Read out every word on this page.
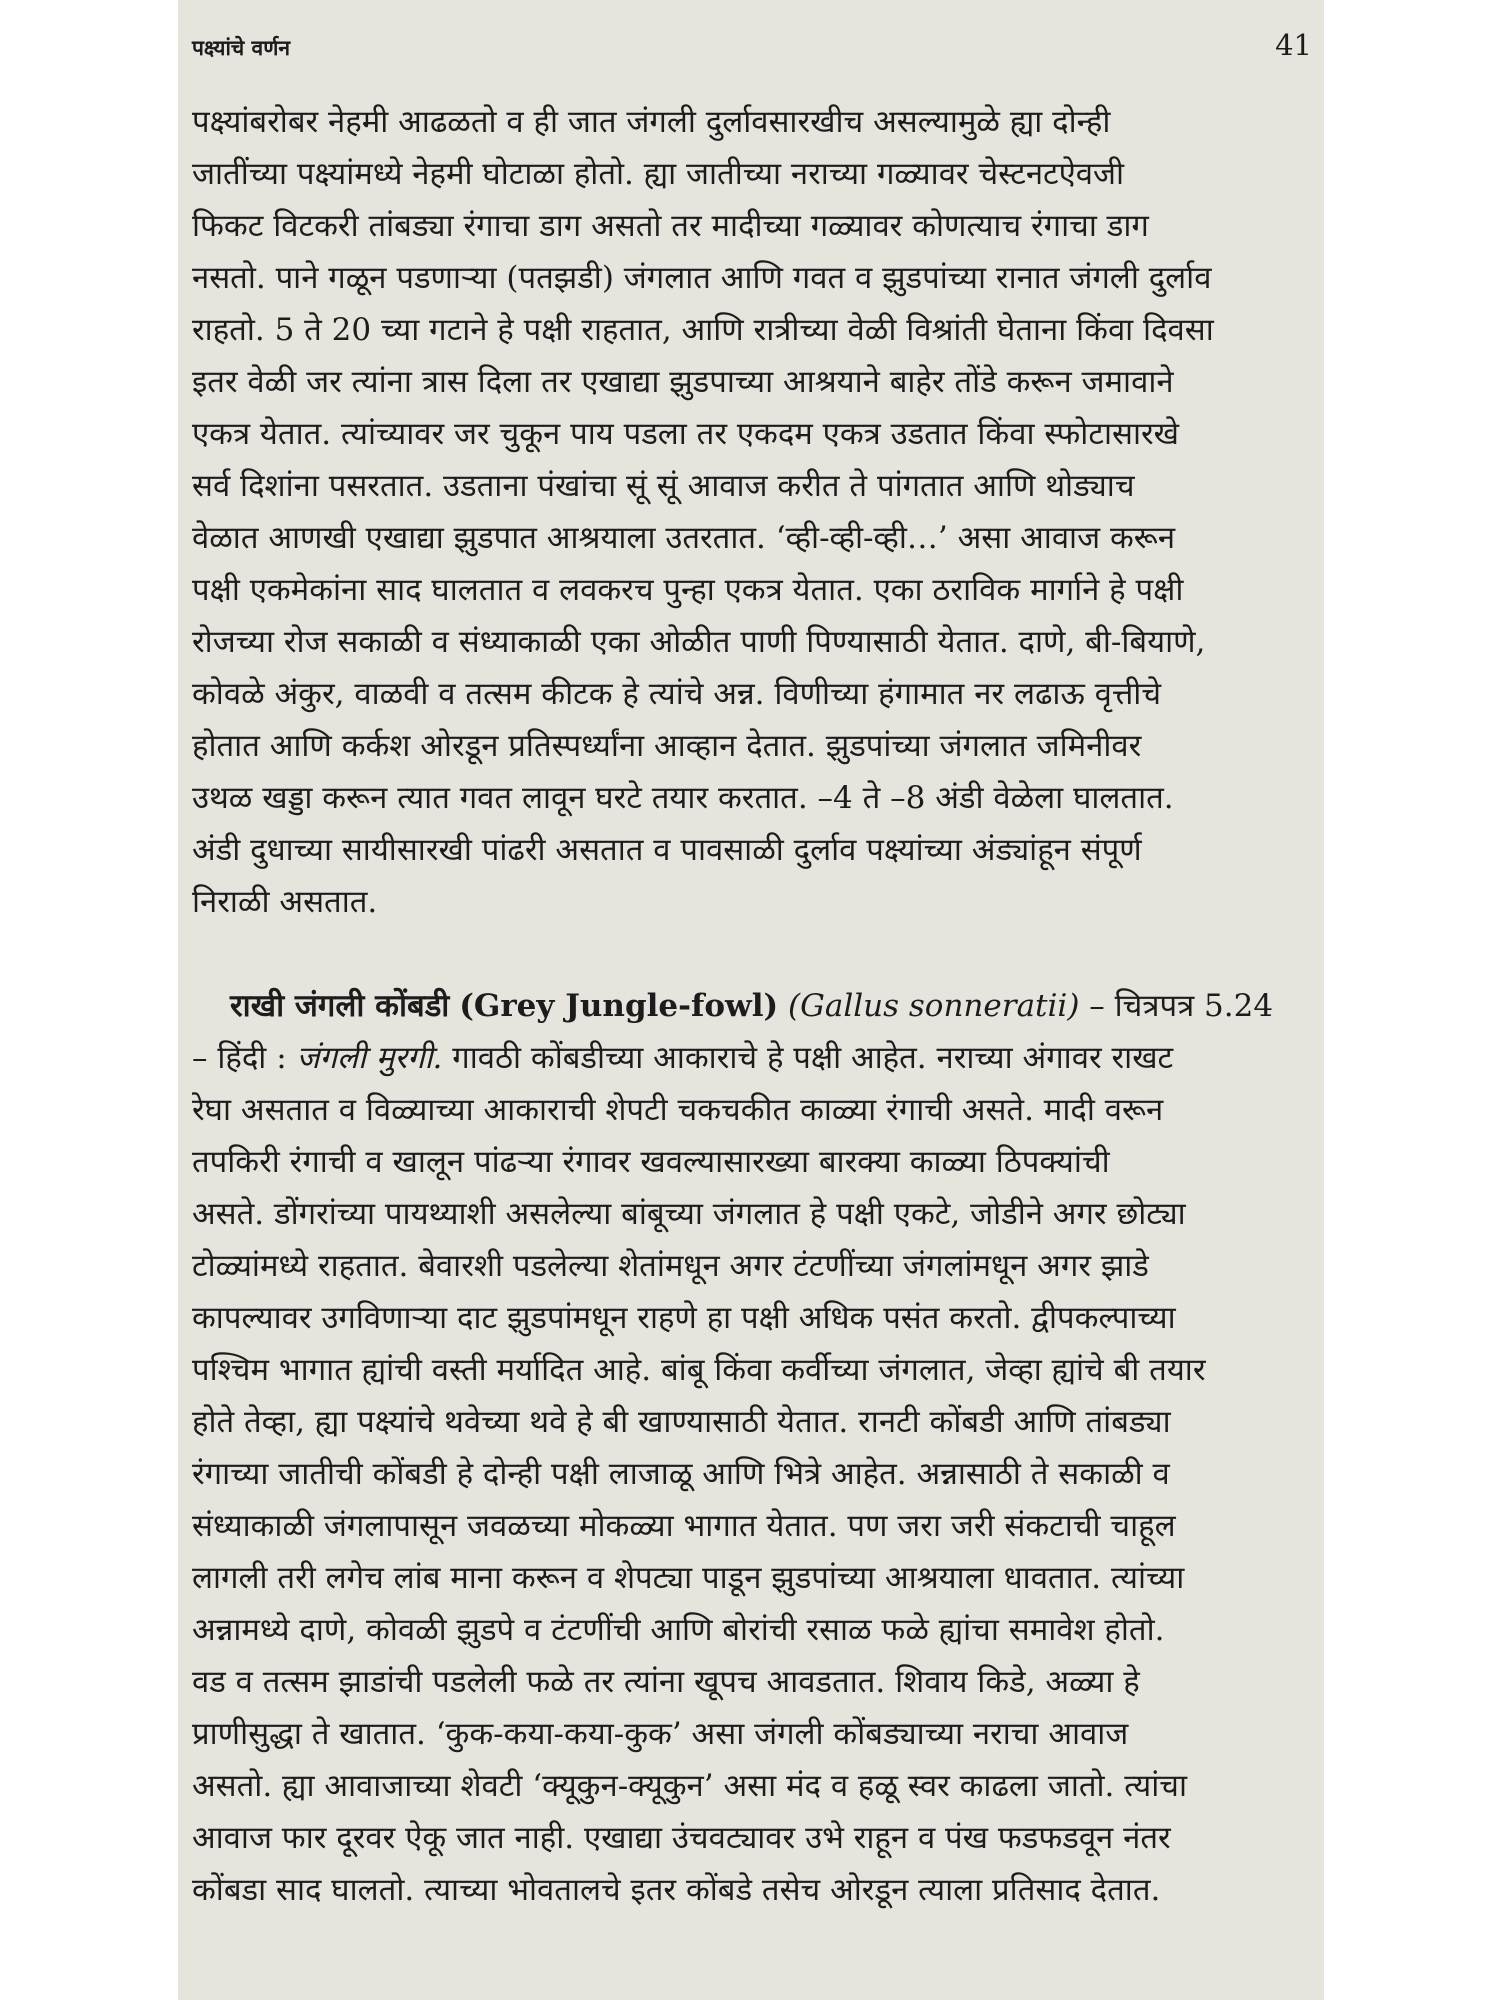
पक्ष्यांचे वर्णन	41
पक्ष्यांबरोबर नेहमी आढळतो व ही जात जंगली दुर्लावसारखीच असल्यामुळे ह्या दोन्ही
जातींच्या पक्ष्यांमध्ये नेहमी घोटाळा होतो. ह्या जातीच्या नराच्या गळ्यावर चेस्टनटऐवजी
फिकट विटकरी तांबड्या रंगाचा डाग असतो तर मादीच्या गळ्यावर कोणत्याच रंगाचा डाग
नसतो. पाने गळून पडणाऱ्या (पतझडी) जंगलात आणि गवत व झुडपांच्या रानात जंगली दुर्लाव
राहतो. 5 ते 20 च्या गटाने हे पक्षी राहतात, आणि रात्रीच्या वेळी विश्रांती घेताना किंवा दिवसा
इतर वेळी जर त्यांना त्रास दिला तर एखाद्या झुडपाच्या आश्रयाने बाहेर तोंडे करून जमावाने
एकत्र येतात. त्यांच्यावर जर चुकून पाय पडला तर एकदम एकत्र उडतात किंवा स्फोटासारखे
सर्व दिशांना पसरतात. उडताना पंखांचा सूं सूं आवाज करीत ते पांगतात आणि थोड्याच
वेळात आणखी एखाद्या झुडपात आश्रयाला उतरतात. ‘व्ही-व्ही-व्ही…’ असा आवाज करून
पक्षी एकमेकांना साद घालतात व लवकरच पुन्हा एकत्र येतात. एका ठराविक मार्गाने हे पक्षी
रोजच्या रोज सकाळी व संध्याकाळी एका ओळीत पाणी पिण्यासाठी येतात. दाणे, बी-बियाणे,
कोवळे अंकुर, वाळवी व तत्सम कीटक हे त्यांचे अन्न. विणीच्या हंगामात नर लढाऊ वृत्तीचे
होतात आणि कर्कश ओरडून प्रतिस्पर्ध्यांना आव्हान देतात. झुडपांच्या जंगलात जमिनीवर
उथळ खड्डा करून त्यात गवत लावून घरटे तयार करतात. –4 ते –8 अंडी वेळेला घालतात.
अंडी दुधाच्या सायीसारखी पांढरी असतात व पावसाळी दुर्लाव पक्ष्यांच्या अंड्यांहून संपूर्ण
निराळी असतात.
राखी जंगली कोंबडी (Grey Jungle-fowl) (Gallus sonneratii) – चित्रपत्र 5.24
– हिंदी : जंगली मुरगी. गावठी कोंबडीच्या आकाराचे हे पक्षी आहेत. नराच्या अंगावर राखट
रेघा असतात व विळ्याच्या आकाराची शेपटी चकचकीत काळ्या रंगाची असते. मादी वरून
तपकिरी रंगाची व खालून पांढऱ्या रंगावर खवल्यासारख्या बारक्या काळ्या ठिपक्यांची
असते. डोंगरांच्या पायथ्याशी असलेल्या बांबूच्या जंगलात हे पक्षी एकटे, जोडीने अगर छोट्या
टोळ्यांमध्ये राहतात. बेवारशी पडलेल्या शेतांमधून अगर टंटणींच्या जंगलांमधून अगर झाडे
कापल्यावर उगविणाऱ्या दाट झुडपांमधून राहणे हा पक्षी अधिक पसंत करतो. द्वीपकल्पाच्या
पश्चिम भागात ह्यांची वस्ती मर्यादित आहे. बांबू किंवा कर्वीच्या जंगलात, जेव्हा ह्यांचे बी तयार
होते तेव्हा, ह्या पक्ष्यांचे थवेच्या थवे हे बी खाण्यासाठी येतात. रानटी कोंबडी आणि तांबड्या
रंगाच्या जातीची कोंबडी हे दोन्ही पक्षी लाजाळू आणि भित्रे आहेत. अन्नासाठी ते सकाळी व
संध्याकाळी जंगलापासून जवळच्या मोकळ्या भागात येतात. पण जरा जरी संकटाची चाहूल
लागली तरी लगेच लांब माना करून व शेपट्या पाडून झुडपांच्या आश्रयाला धावतात. त्यांच्या
अन्नामध्ये दाणे, कोवळी झुडपे व टंटणींची आणि बोरांची रसाळ फळे ह्यांचा समावेश होतो.
वड व तत्सम झाडांची पडलेली फळे तर त्यांना खूपच आवडतात. शिवाय किडे, अळ्या हे
प्राणीसुद्धा ते खातात. ‘कुक-कया-कया-कुक’ असा जंगली कोंबड्याच्या नराचा आवाज
असतो. ह्या आवाजाच्या शेवटी ‘क्यूकुन-क्यूकुन’ असा मंद व हळू स्वर काढला जातो. त्यांचा
आवाज फार दूरवर ऐकू जात नाही. एखाद्या उंचवट्यावर उभे राहून व पंख फडफडवून नंतर
कोंबडा साद घालतो. त्याच्या भोवतालचे इतर कोंबडे तसेच ओरडून त्याला प्रतिसाद देतात.
